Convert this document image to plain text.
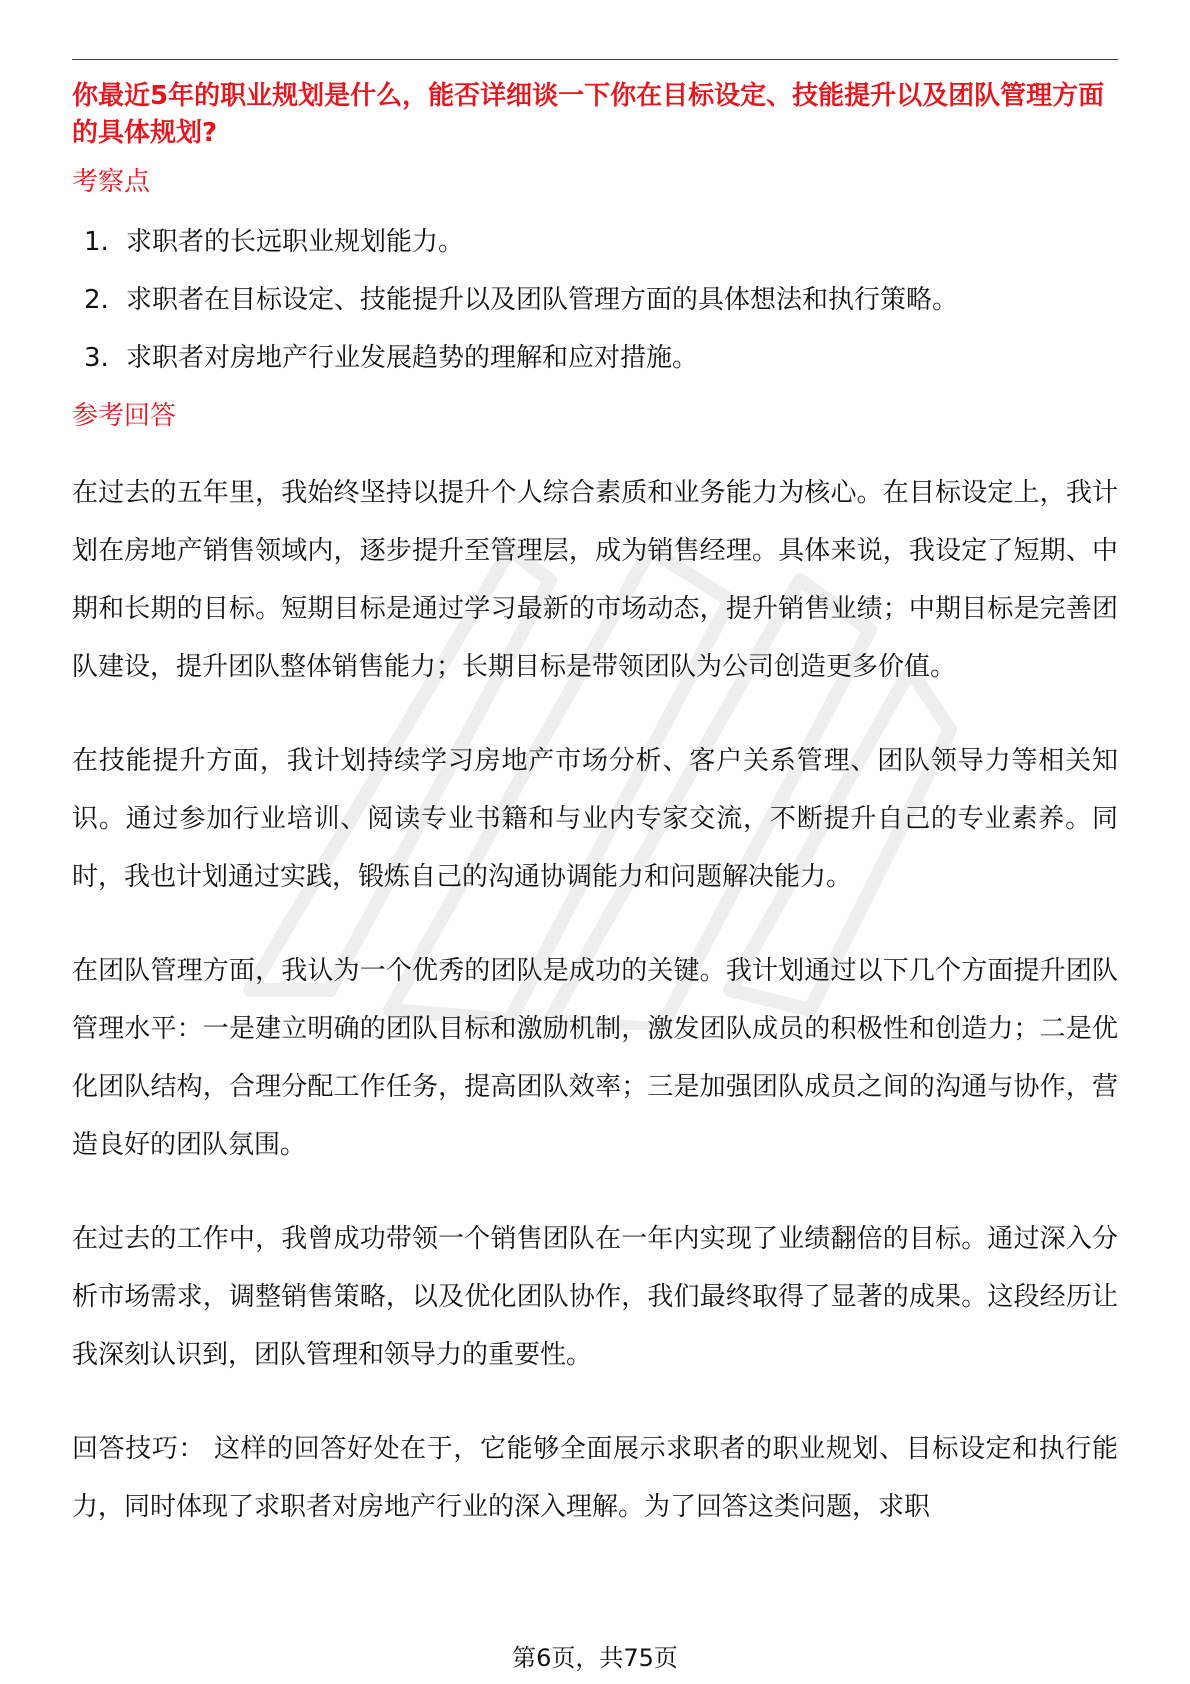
你最近5年的职业规划是什么，能否详细谈一下你在目标设定、技能提升以及团队管理方面的具体规划?

考察点

1. 求职者的长远职业规划能力。
2. 求职者在目标设定、技能提升以及团队管理方面的具体想法和执行策略。
3. 求职者对房地产行业发展趋势的理解和应对措施。

参考回答

在过去的五年里，我始终坚持以提升个人综合素质和业务能力为核心。在目标设定上，我计划在房地产销售领域内，逐步提升至管理层，成为销售经理。具体来说，我设定了短期、中期和长期的目标。短期目标是通过学习最新的市场动态，提升销售业绩；中期目标是完善团队建设，提升团队整体销售能力；长期目标是带领团队为公司创造更多价值。

在技能提升方面，我计划持续学习房地产市场分析、客户关系管理、团队领导力等相关知识。通过参加行业培训、阅读专业书籍和与业内专家交流，不断提升自己的专业素养。同时，我也计划通过实践，锻炼自己的沟通协调能力和问题解决能力。

在团队管理方面，我认为一个优秀的团队是成功的关键。我计划通过以下几个方面提升团队管理水平：一是建立明确的团队目标和激励机制，激发团队成员的积极性和创造力；二是优化团队结构，合理分配工作任务，提高团队效率；三是加强团队成员之间的沟通与协作，营造良好的团队氛围。

在过去的工作中，我曾成功带领一个销售团队在一年内实现了业绩翻倍的目标。通过深入分析市场需求，调整销售策略，以及优化团队协作，我们最终取得了显著的成果。这段经历让我深刻认识到，团队管理和领导力的重要性。

回答技巧： 这样的回答好处在于，它能够全面展示求职者的职业规划、目标设定和执行能力，同时体现了求职者对房地产行业的深入理解。为了回答这类问题，求职

第6页，共75页
